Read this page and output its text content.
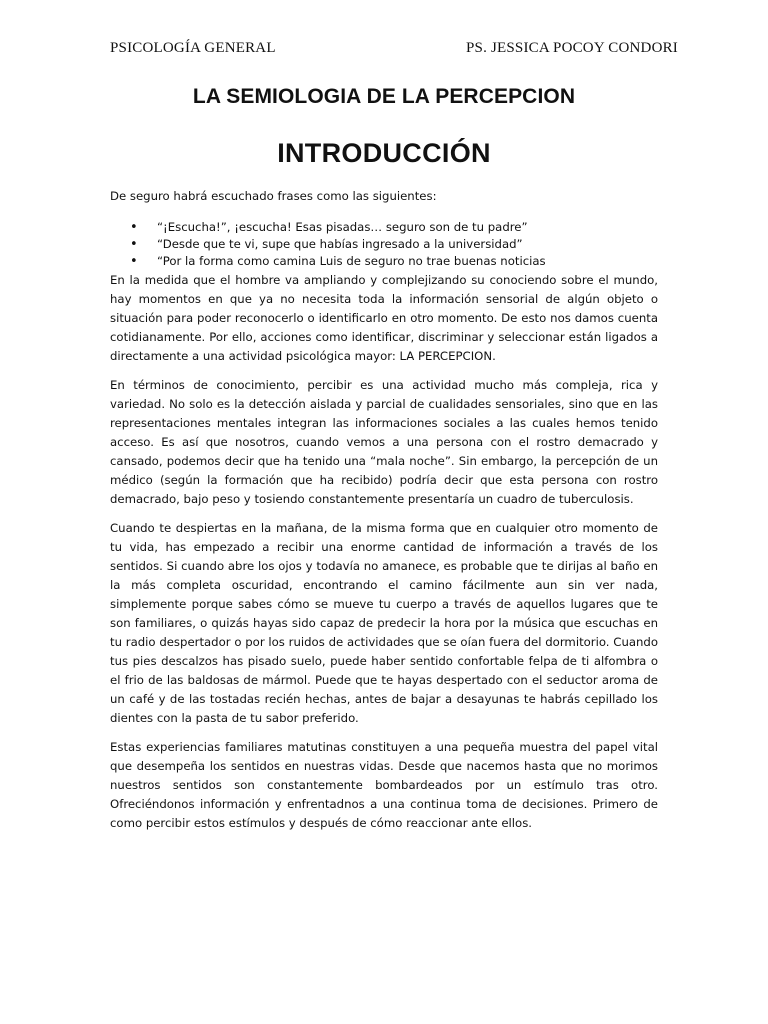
PSICOLOGÍA GENERAL	PS. JESSICA POCOY CONDORI
LA SEMIOLOGIA DE LA PERCEPCION
INTRODUCCIÓN

De seguro habrá escuchado frases como las siguientes:

• “¡Escucha!”, ¡escucha! Esas pisadas… seguro son de tu padre”
• “Desde que te vi, supe que habías ingresado a la universidad”
• “Por la forma como camina Luis de seguro no trae buenas noticias

En la medida que el hombre va ampliando y complejizando su conociendo sobre el mundo, hay momentos en que ya no necesita toda la información sensorial de algún objeto o situación para poder reconocerlo o identificarlo en otro momento. De esto nos damos cuenta cotidianamente. Por ello, acciones como identificar, discriminar y seleccionar están ligados a directamente a una actividad psicológica mayor: LA PERCEPCION.

En términos de conocimiento, percibir es una actividad mucho más compleja, rica y variedad. No solo es la detección aislada y parcial de cualidades sensoriales, sino que en las representaciones mentales integran las informaciones sociales a las cuales hemos tenido acceso. Es así que nosotros, cuando vemos a una persona con el rostro demacrado y cansado, podemos decir que ha tenido una “mala noche”. Sin embargo, la percepción de un médico (según la formación que ha recibido) podría decir que esta persona con rostro demacrado, bajo peso y tosiendo constantemente presentaría un cuadro de tuberculosis.

Cuando te despiertas en la mañana, de la misma forma que en cualquier otro momento de tu vida, has empezado a recibir una enorme cantidad de información a través de los sentidos. Si cuando abre los ojos y todavía no amanece, es probable que te dirijas al baño en la más completa oscuridad, encontrando el camino fácilmente aun sin ver nada, simplemente porque sabes cómo se mueve tu cuerpo a través de aquellos lugares que te son familiares, o quizás hayas sido capaz de predecir la hora por la música que escuchas en tu radio despertador o por los ruidos de actividades que se oían fuera del dormitorio. Cuando tus pies descalzos has pisado suelo, puede haber sentido confortable felpa de ti alfombra o el frio de las baldosas de mármol. Puede que te hayas despertado con el seductor aroma de un café y de las tostadas recién hechas, antes de bajar a desayunas te habrás cepillado los dientes con la pasta de tu sabor preferido.

Estas experiencias familiares matutinas constituyen a una pequeña muestra del papel vital que desempeña los sentidos en nuestras vidas. Desde que nacemos hasta que no morimos nuestros sentidos son constantemente bombardeados por un estímulo tras otro. Ofreciéndonos información y enfrentadnos a una continua toma de decisiones. Primero de como percibir estos estímulos y después de cómo reaccionar ante ellos.
